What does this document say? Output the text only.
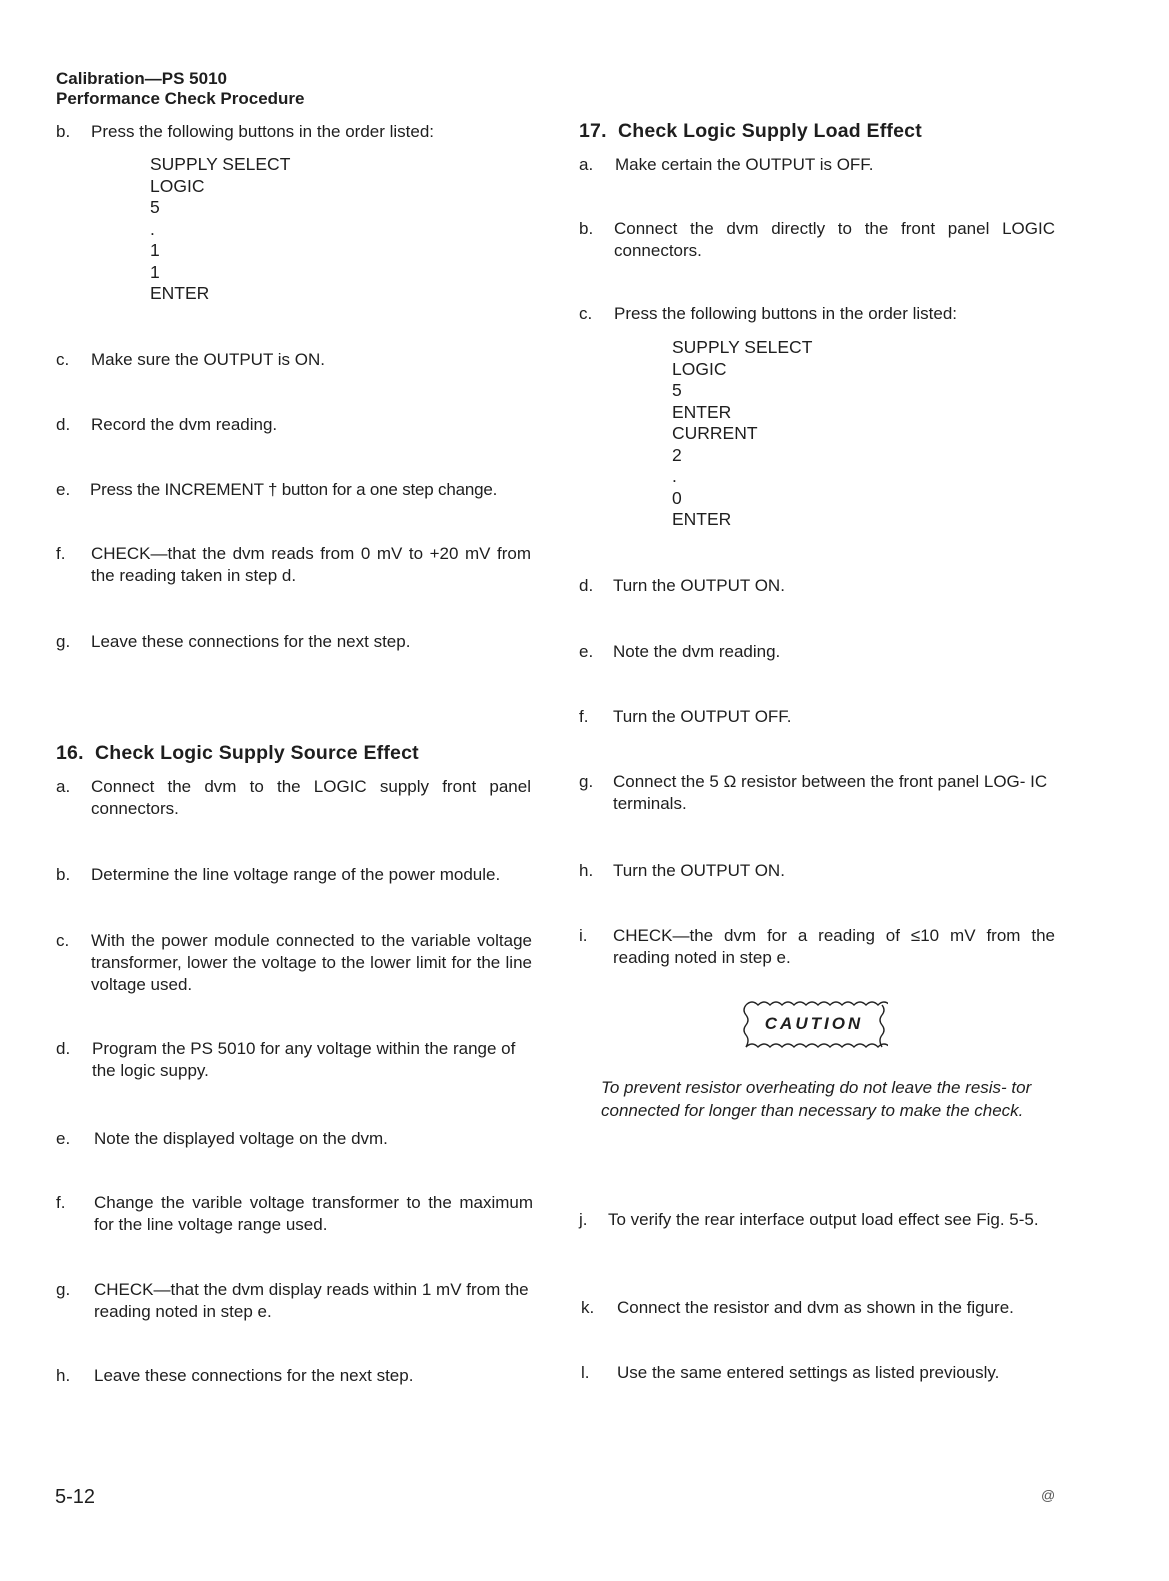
Calibration—PS 5010
Performance Check Procedure
b. Press the following buttons in the order listed:
SUPPLY SELECT
LOGIC
5
.
1
1
ENTER
c. Make sure the OUTPUT is ON.
d. Record the dvm reading.
e. Press the INCREMENT † button for a one step change.
f. CHECK—that the dvm reads from 0 mV to +20 mV from the reading taken in step d.
g. Leave these connections for the next step.
16.  Check Logic Supply Source Effect
a. Connect the dvm to the LOGIC supply front panel connectors.
b. Determine the line voltage range of the power module.
c. With the power module connected to the variable voltage transformer, lower the voltage to the lower limit for the line voltage used.
d. Program the PS 5010 for any voltage within the range of the logic suppy.
e. Note the displayed voltage on the dvm.
f. Change the varible voltage transformer to the maximum for the line voltage range used.
g. CHECK—that the dvm display reads within 1 mV from the reading noted in step e.
h. Leave these connections for the next step.
17.  Check Logic Supply Load Effect
a. Make certain the OUTPUT is OFF.
b. Connect the dvm directly to the front panel LOGIC connectors.
c. Press the following buttons in the order listed:
SUPPLY SELECT
LOGIC
5
ENTER
CURRENT
2
.
0
ENTER
d. Turn the OUTPUT ON.
e. Note the dvm reading.
f. Turn the OUTPUT OFF.
g. Connect the 5 Ω resistor between the front panel LOG- IC terminals.
h. Turn the OUTPUT ON.
i. CHECK—the dvm for a reading of ≤10 mV from the reading noted in step e.
CAUTION
To prevent resistor overheating do not leave the resis- tor connected for longer than necessary to make the check.
j. To verify the rear interface output load effect see Fig. 5-5.
k. Connect the resistor and dvm as shown in the figure.
l. Use the same entered settings as listed previously.
5-12	@
